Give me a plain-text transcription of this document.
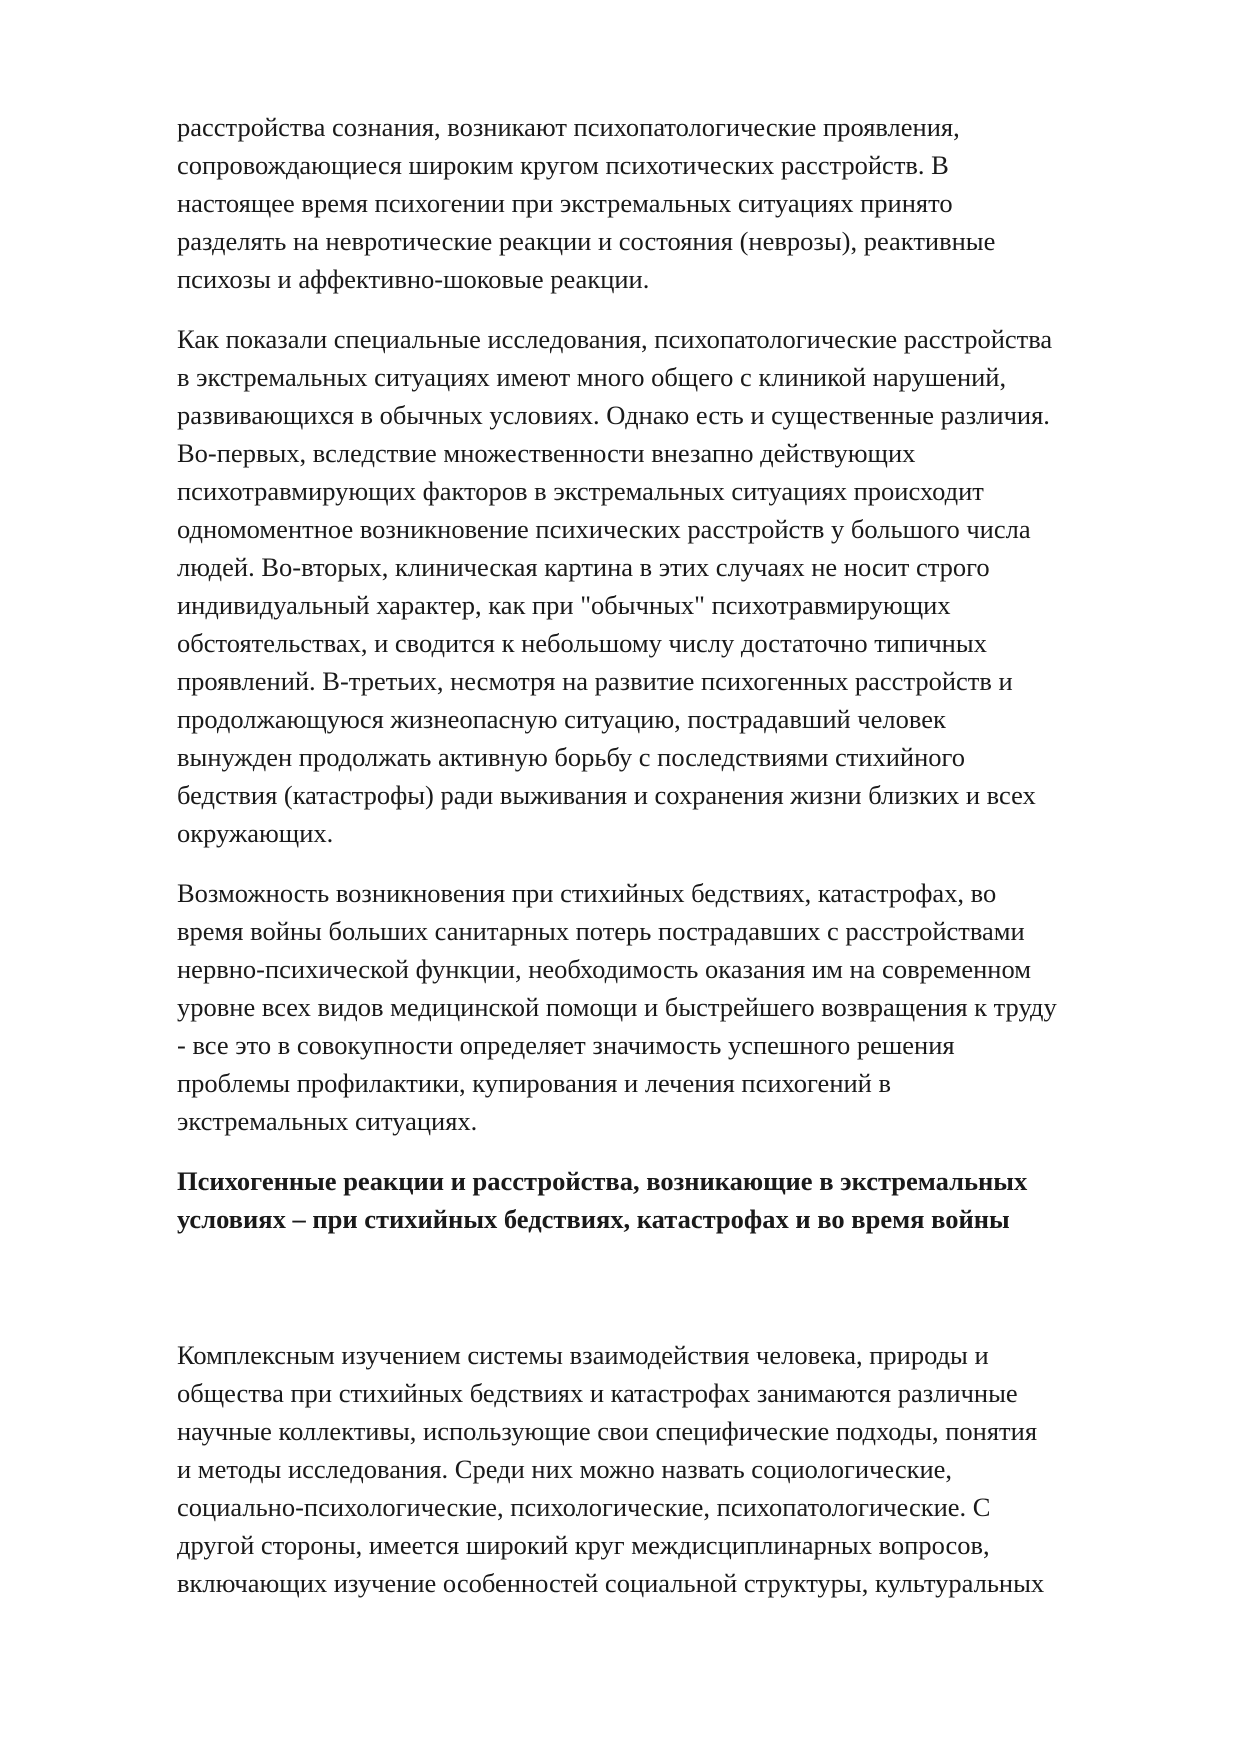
расстройства сознания, возникают психопатологические проявления,
сопровождающиеся широким кругом психотических расстройств. В
настоящее время психогении при экстремальных ситуациях принято
разделять на невротические реакции и состояния (неврозы), реактивные
психозы и аффективно-шоковые реакции.
Как показали специальные исследования, психопатологические расстройства
в экстремальных ситуациях имеют много общего с клиникой нарушений,
развивающихся в обычных условиях. Однако есть и существенные различия.
Во-первых, вследствие множественности внезапно действующих
психотравмирующих факторов в экстремальных ситуациях происходит
одномоментное возникновение психических расстройств у большого числа
людей. Во-вторых, клиническая картина в этих случаях не носит строго
индивидуальный характер, как при "обычных" психотравмирующих
обстоятельствах, и сводится к небольшому числу достаточно типичных
проявлений. В-третьих, несмотря на развитие психогенных расстройств и
продолжающуюся жизнеопасную ситуацию, пострадавший человек
вынужден продолжать активную борьбу с последствиями стихийного
бедствия (катастрофы) ради выживания и сохранения жизни близких и всех
окружающих.
Возможность возникновения при стихийных бедствиях, катастрофах, во
время войны больших санитарных потерь пострадавших с расстройствами
нервно-психической функции, необходимость оказания им на современном
уровне всех видов медицинской помощи и быстрейшего возвращения к труду
- все это в совокупности определяет значимость успешного решения
проблемы профилактики, купирования и лечения психогений в
экстремальных ситуациях.
Психогенные реакции и расстройства, возникающие в экстремальных
условиях – при стихийных бедствиях, катастрофах и во время войны
Комплексным изучением системы взаимодействия человека, природы и
общества при стихийных бедствиях и катастрофах занимаются различные
научные коллективы, использующие свои специфические подходы, понятия
и методы исследования. Среди них можно назвать социологические,
социально-психологические, психологические, психопатологические. С
другой стороны, имеется широкий круг междисциплинарных вопросов,
включающих изучение особенностей социальной структуры, культуральных
